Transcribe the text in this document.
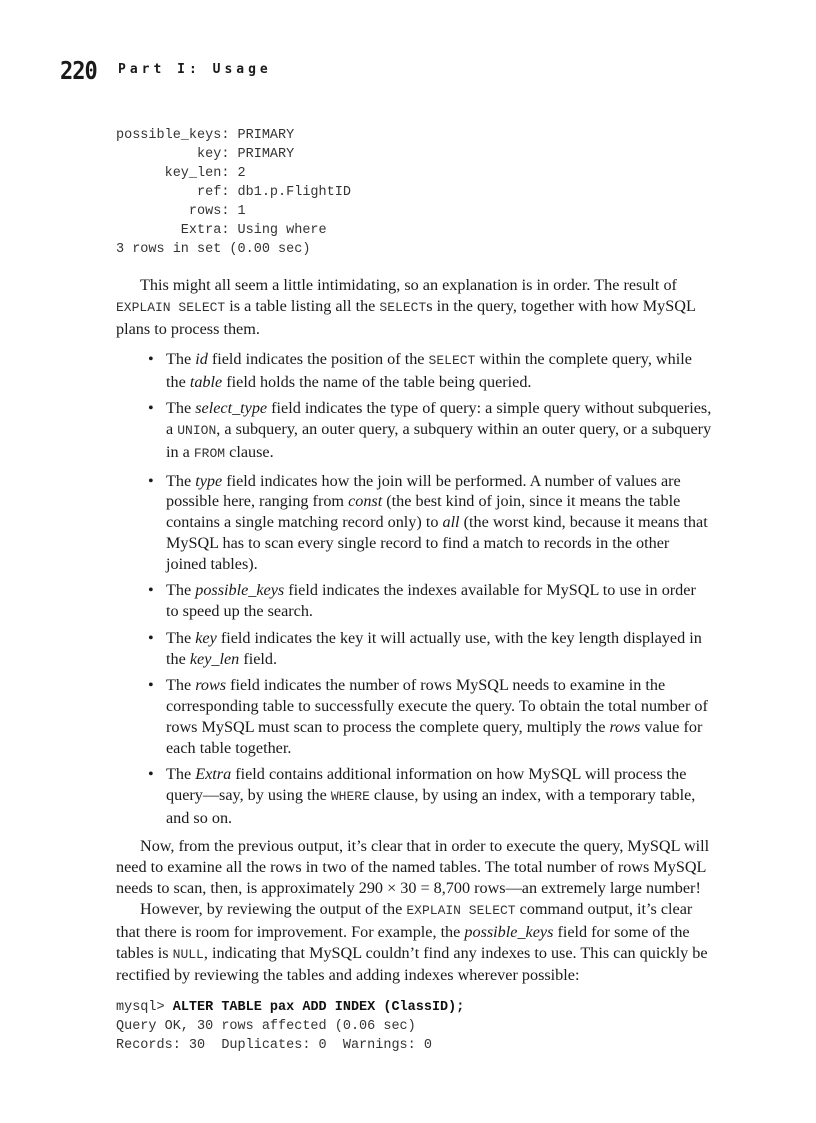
220 Part I: Usage
possible_keys: PRIMARY
key: PRIMARY
key_len: 2
ref: db1.p.FlightID
rows: 1
Extra: Using where
3 rows in set (0.00 sec)

This might all seem a little intimidating, so an explanation is in order. The result of EXPLAIN SELECT is a table listing all the SELECTs in the query, together with how MySQL plans to process them.

• The id field indicates the position of the SELECT within the complete query, while the table field holds the name of the table being queried.
• The select_type field indicates the type of query: a simple query without subqueries, a UNION, a subquery, an outer query, a subquery within an outer query, or a subquery in a FROM clause.
• The type field indicates how the join will be performed. A number of values are possible here, ranging from const (the best kind of join, since it means the table contains a single matching record only) to all (the worst kind, because it means that MySQL has to scan every single record to find a match to records in the other joined tables).
• The possible_keys field indicates the indexes available for MySQL to use in order to speed up the search.
• The key field indicates the key it will actually use, with the key length displayed in the key_len field.
• The rows field indicates the number of rows MySQL needs to examine in the corresponding table to successfully execute the query. To obtain the total number of rows MySQL must scan to process the complete query, multiply the rows value for each table together.
• The Extra field contains additional information on how MySQL will process the query—say, by using the WHERE clause, by using an index, with a temporary table, and so on.

Now, from the previous output, it’s clear that in order to execute the query, MySQL will need to examine all the rows in two of the named tables. The total number of rows MySQL needs to scan, then, is approximately 290 × 30 = 8,700 rows—an extremely large number!

However, by reviewing the output of the EXPLAIN SELECT command output, it’s clear that there is room for improvement. For example, the possible_keys field for some of the tables is NULL, indicating that MySQL couldn’t find any indexes to use. This can quickly be rectified by reviewing the tables and adding indexes wherever possible:

mysql> ALTER TABLE pax ADD INDEX (ClassID);
Query OK, 30 rows affected (0.06 sec)
Records: 30  Duplicates: 0  Warnings: 0
